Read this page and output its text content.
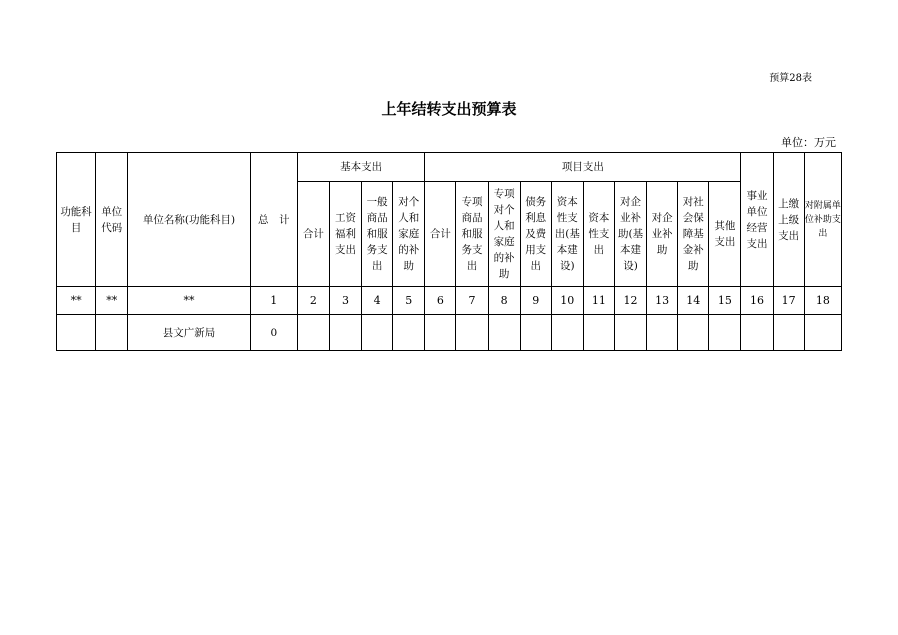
预算28表
上年结转支出预算表
单位：万元
功能科目	单位代码	单位名称(功能科目)	总　计	基本支出				项目支出										事业单位经营支出	上缴上级支出	对附属单位补助支出
				合计	工资福利支出	一般商品和服务支出	对个人和家庭的补助	合计	专项商品和服务支出	专项对个人和家庭的补助	债务利息及费用支出	资本性支出(基本建设)	资本性支出	对企业补助(基本建设)	对企业补助	对社会保障基金补助	其他支出			
**	**	**	1	2	3	4	5	6	7	8	9	10	11	12	13	14	15	16	17	18
		县文广新局	0																	
